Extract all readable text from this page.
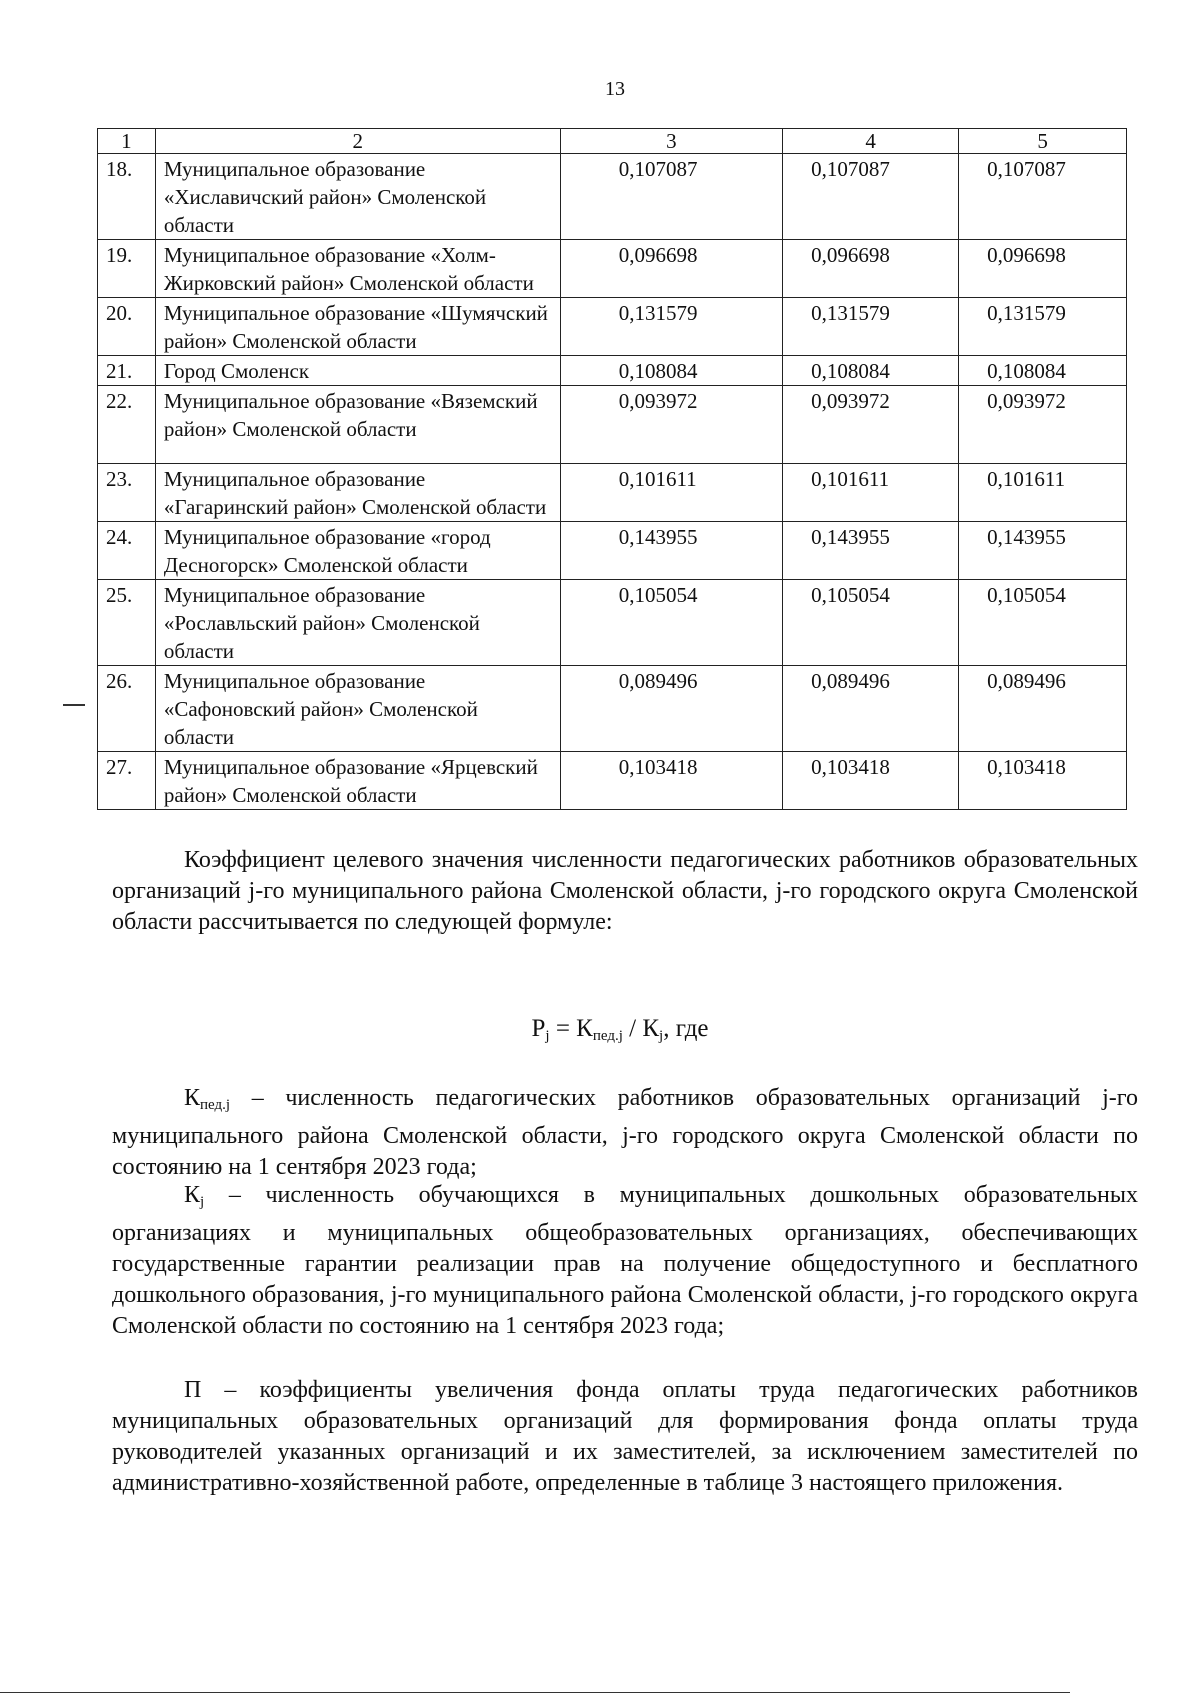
13
1	2	3	4	5
18.	Муниципальное образование «Хиславичский район» Смоленской области	0,107087	0,107087	0,107087
19.	Муниципальное образование «Холм-Жирковский район» Смоленской области	0,096698	0,096698	0,096698
20.	Муниципальное образование «Шумячский район» Смоленской области	0,131579	0,131579	0,131579
21.	Город Смоленск	0,108084	0,108084	0,108084
22.	Муниципальное образование «Вяземский район» Смоленской области	0,093972	0,093972	0,093972
23.	Муниципальное образование «Гагаринский район» Смоленской области	0,101611	0,101611	0,101611
24.	Муниципальное образование «город Десногорск» Смоленской области	0,143955	0,143955	0,143955
25.	Муниципальное образование «Рославльский район» Смоленской области	0,105054	0,105054	0,105054
26.	Муниципальное образование «Сафоновский район» Смоленской области	0,089496	0,089496	0,089496
27.	Муниципальное образование «Ярцевский район» Смоленской области	0,103418	0,103418	0,103418

Коэффициент целевого значения численности педагогических работников образовательных организаций j-го муниципального района Смоленской области, j-го городского округа Смоленской области рассчитывается по следующей формуле:

$P_j = К_{пед.j} / К_j$, где

$К_{пед.j}$ – численность педагогических работников образовательных организаций j-го муниципального района Смоленской области, j-го городского округа Смоленской области по состоянию на 1 сентября 2023 года;

$К_j$ – численность обучающихся в муниципальных дошкольных образовательных организациях и муниципальных общеобразовательных организациях, обеспечивающих государственные гарантии реализации прав на получение общедоступного и бесплатного дошкольного образования, j-го муниципального района Смоленской области, j-го городского округа Смоленской области по состоянию на 1 сентября 2023 года;

П – коэффициенты увеличения фонда оплаты труда педагогических работников муниципальных образовательных организаций для формирования фонда оплаты труда руководителей указанных организаций и их заместителей, за исключением заместителей по административно-хозяйственной работе, определенные в таблице 3 настоящего приложения.
